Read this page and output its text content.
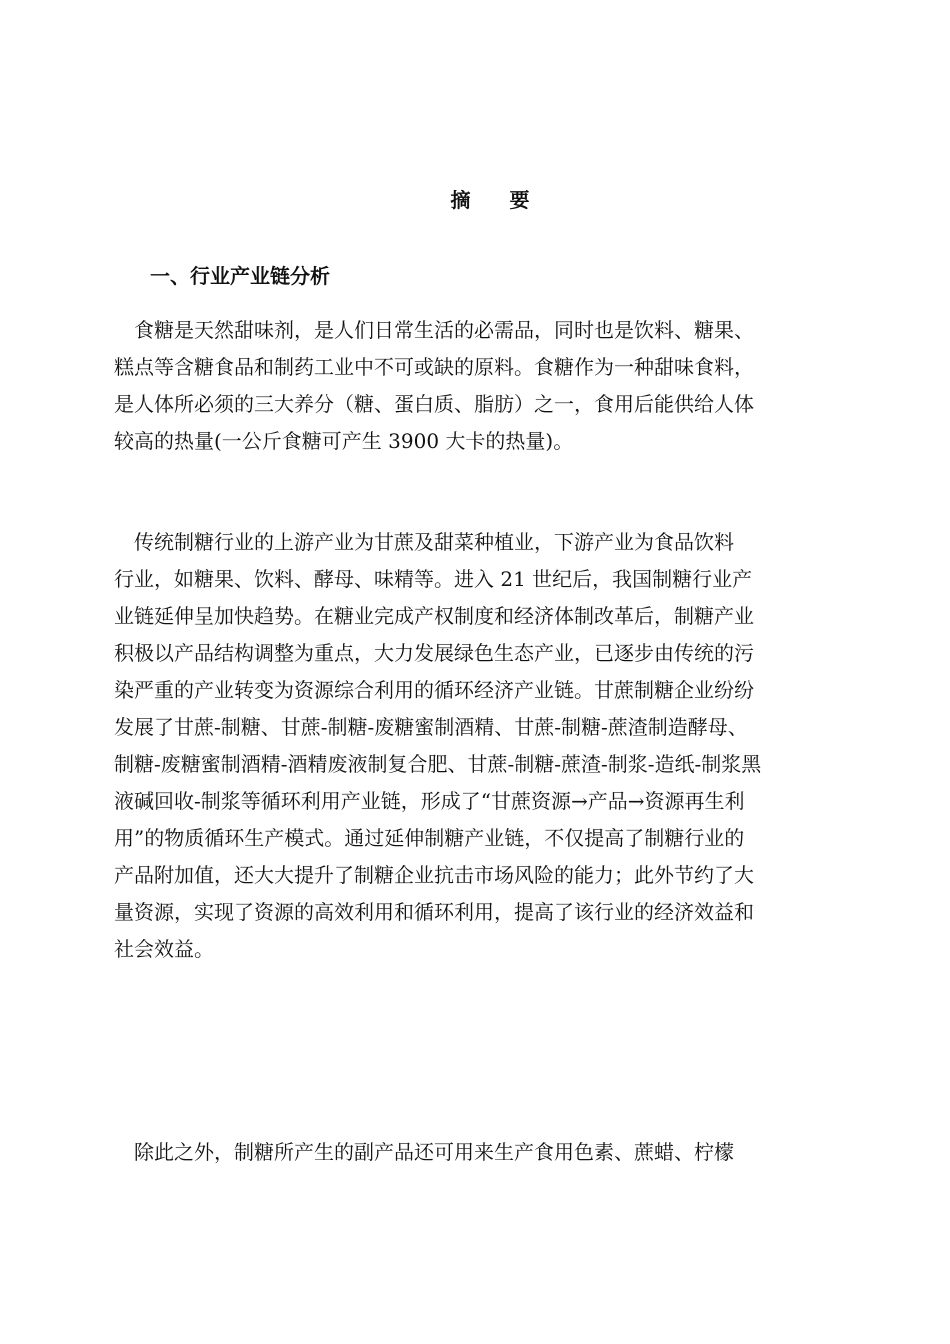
摘 要
一、行业产业链分析
　食糖是天然甜味剂，是人们日常生活的必需品，同时也是饮料、糖果、
糕点等含糖食品和制药工业中不可或缺的原料。食糖作为一种甜味食料，
是人体所必须的三大养分（糖、蛋白质、脂肪）之一，食用后能供给人体
较高的热量(一公斤食糖可产生 3900 大卡的热量)。
　传统制糖行业的上游产业为甘蔗及甜菜种植业，下游产业为食品饮料
行业，如糖果、饮料、酵母、味精等。进入 21 世纪后，我国制糖行业产
业链延伸呈加快趋势。在糖业完成产权制度和经济体制改革后，制糖产业
积极以产品结构调整为重点，大力发展绿色生态产业，已逐步由传统的污
染严重的产业转变为资源综合利用的循环经济产业链。甘蔗制糖企业纷纷
发展了甘蔗-制糖、甘蔗-制糖-废糖蜜制酒精、甘蔗-制糖-蔗渣制造酵母、
制糖-废糖蜜制酒精-酒精废液制复合肥、甘蔗-制糖-蔗渣-制浆-造纸-制浆黑
液碱回收-制浆等循环利用产业链，形成了“甘蔗资源→产品→资源再生利
用”的物质循环生产模式。通过延伸制糖产业链，不仅提高了制糖行业的
产品附加值，还大大提升了制糖企业抗击市场风险的能力；此外节约了大
量资源，实现了资源的高效利用和循环利用，提高了该行业的经济效益和
社会效益。
　除此之外，制糖所产生的副产品还可用来生产食用色素、蔗蜡、柠檬
